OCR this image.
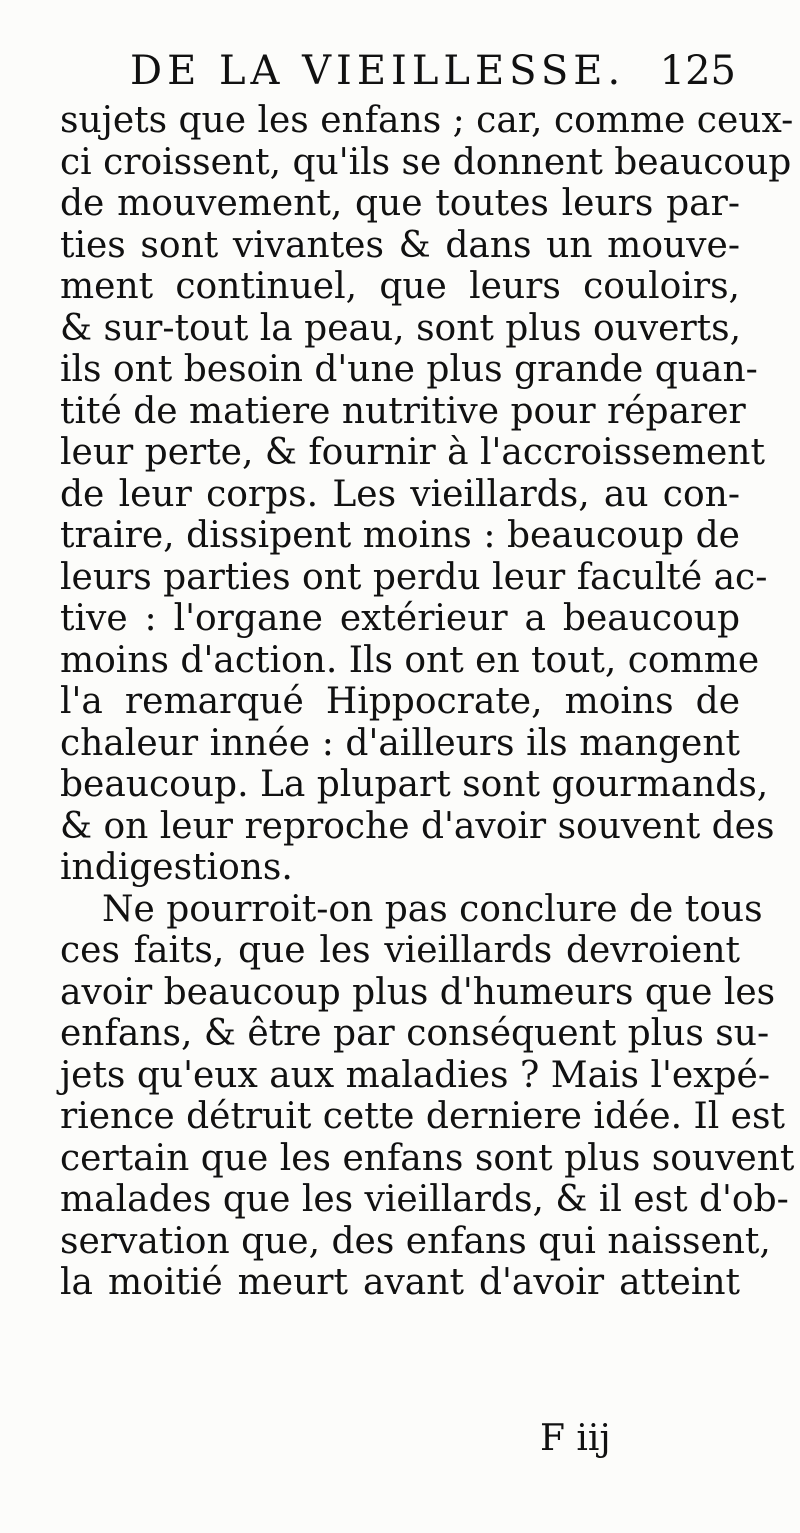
DE LA VIEILLESSE. 125
sujets que les enfans ; car, comme ceux-
ci croissent, qu'ils se donnent beaucoup
de mouvement, que toutes leurs par-
ties sont vivantes & dans un mouve-
ment continuel, que leurs couloirs,
& sur-tout la peau, sont plus ouverts,
ils ont besoin d'une plus grande quan-
tité de matiere nutritive pour réparer
leur perte, & fournir à l'accroissement
de leur corps. Les vieillards, au con-
traire, dissipent moins : beaucoup de
leurs parties ont perdu leur faculté ac-
tive : l'organe extérieur a beaucoup
moins d'action. Ils ont en tout, comme
l'a remarqué Hippocrate, moins de
chaleur innée : d'ailleurs ils mangent
beaucoup. La plupart sont gourmands,
& on leur reproche d'avoir souvent des
indigestions.
Ne pourroit-on pas conclure de tous
ces faits, que les vieillards devroient
avoir beaucoup plus d'humeurs que les
enfans, & être par conséquent plus su-
jets qu'eux aux maladies ? Mais l'expé-
rience détruit cette derniere idée. Il est
certain que les enfans sont plus souvent
malades que les vieillards, & il est d'ob-
servation que, des enfans qui naissent,
la moitié meurt avant d'avoir atteint
F iij
